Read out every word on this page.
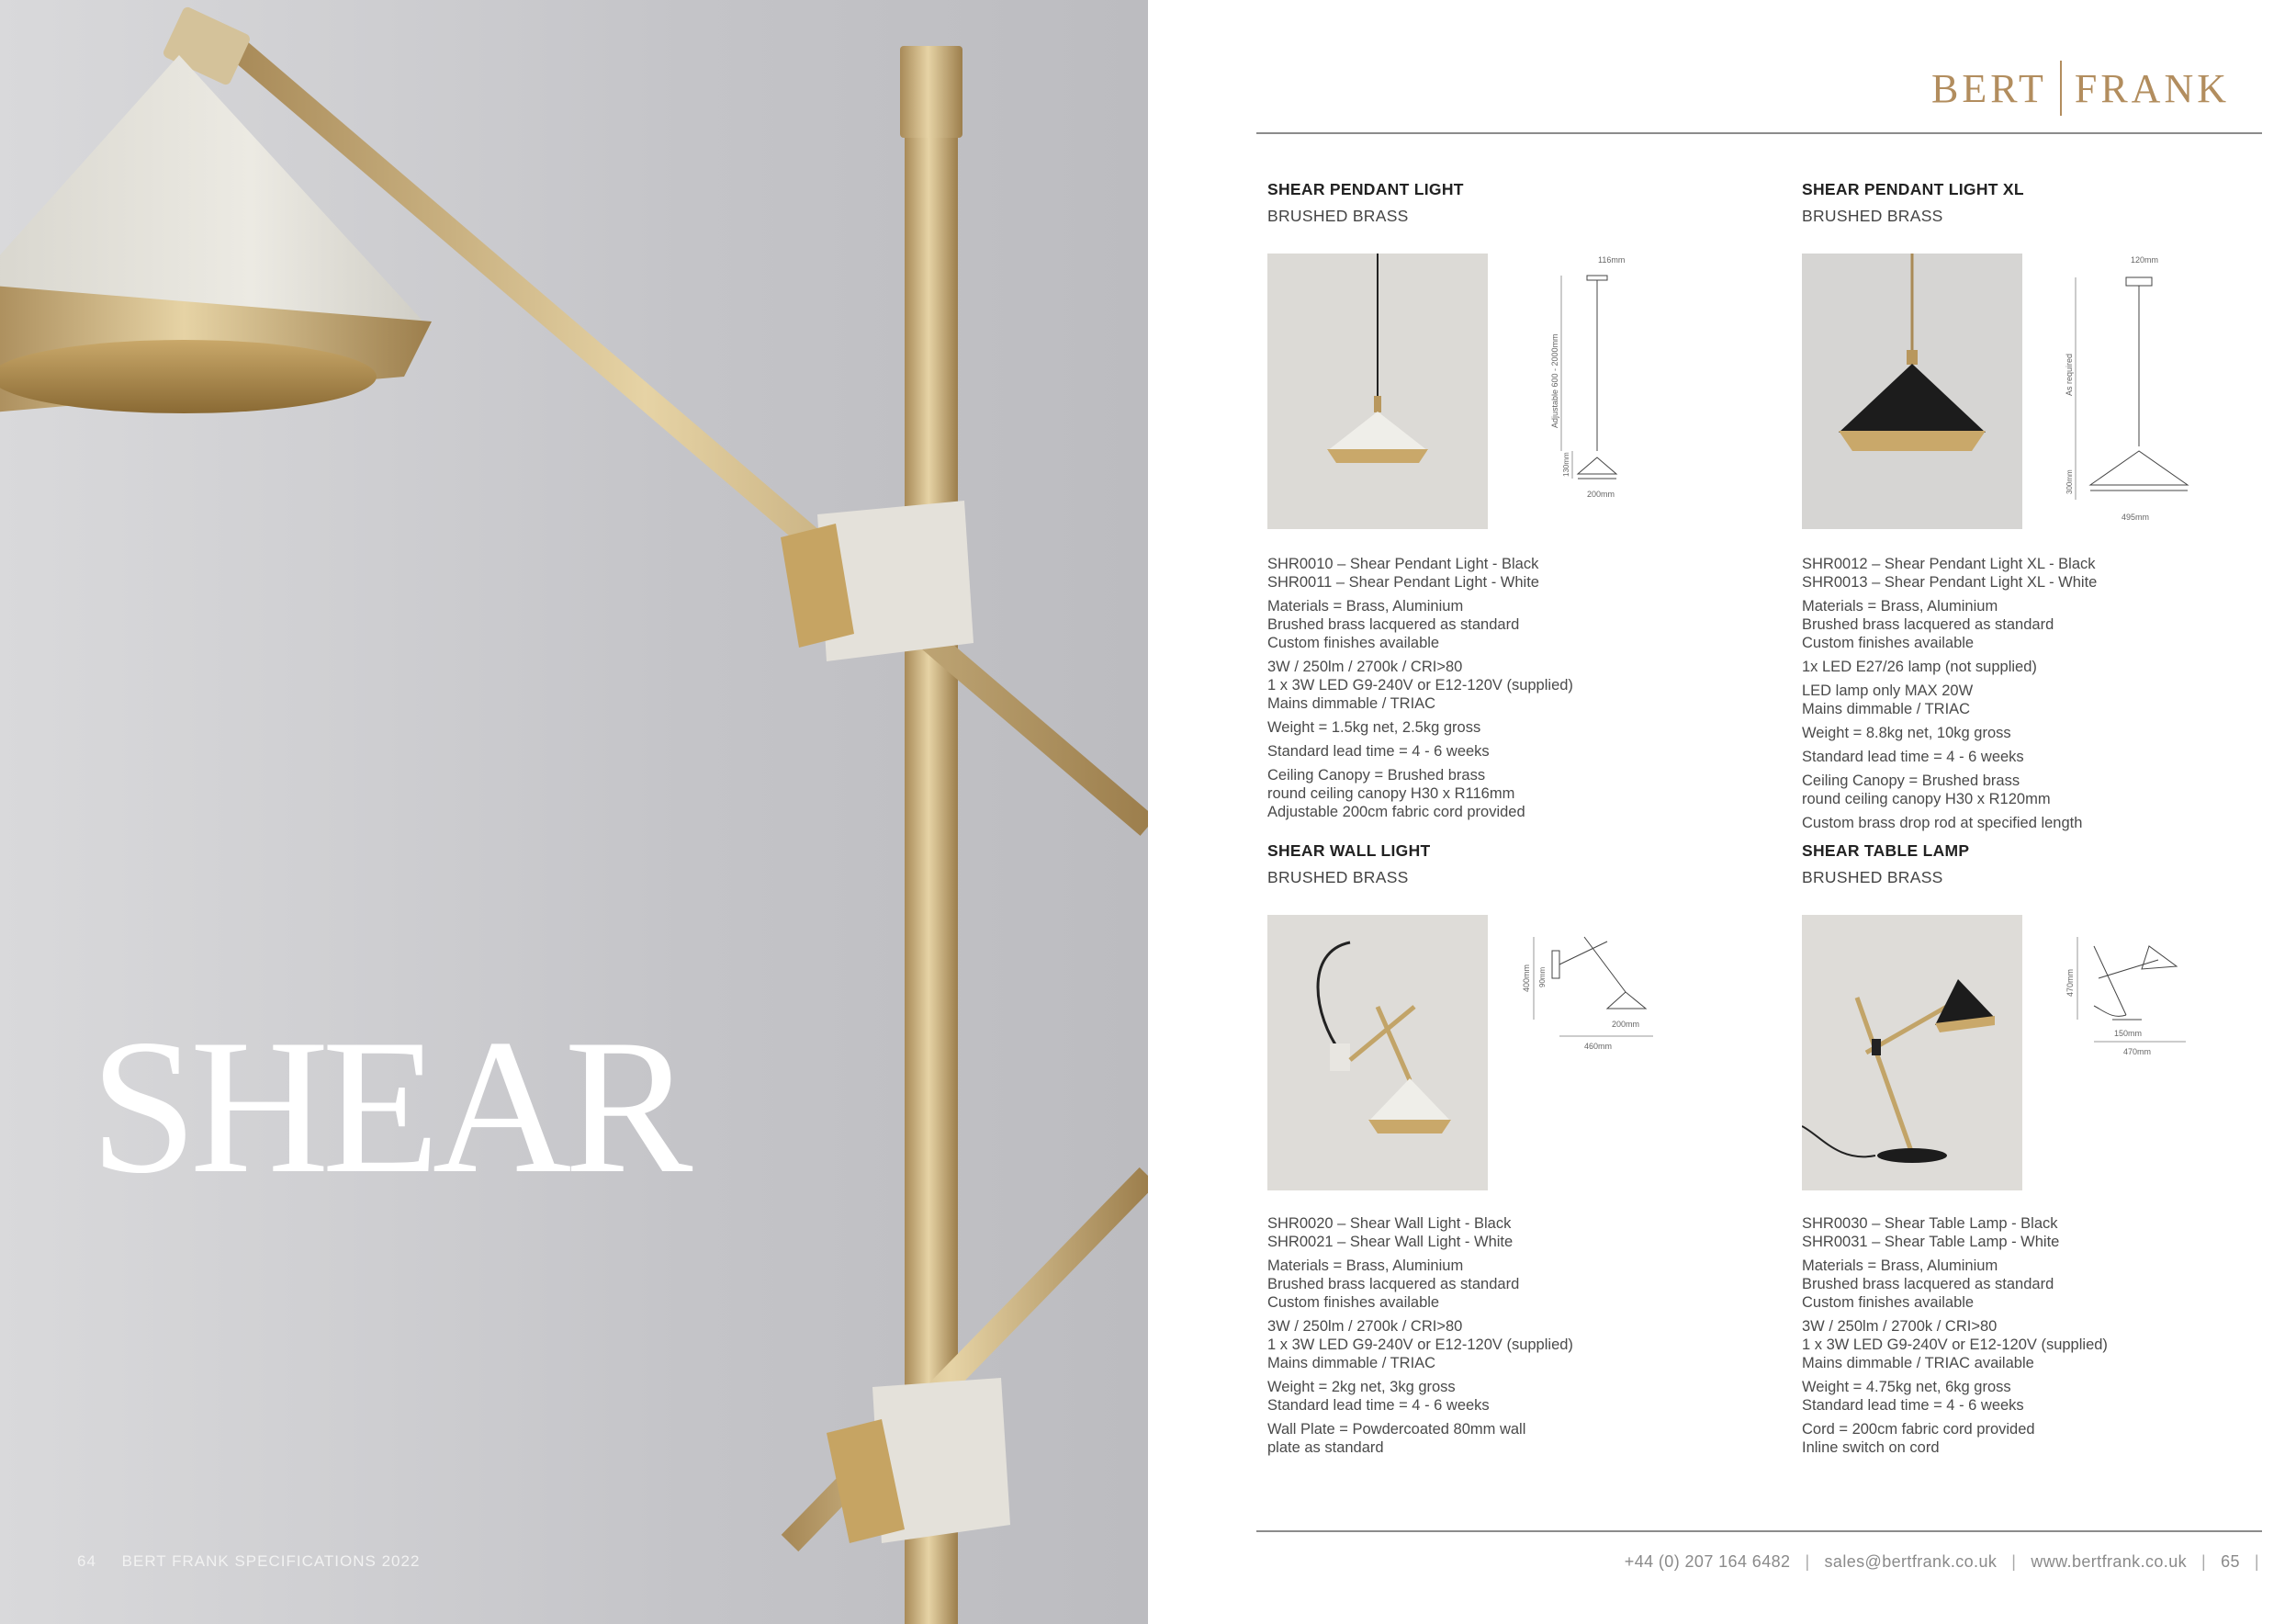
SHEAR
64 BERT FRANK SPECIFICATIONS 2022
BERT FRANK
SHEAR PENDANT LIGHT
BRUSHED BRASS
116mm
Adjustable 600 - 2000mm
130mm
200mm
SHR0010 – Shear Pendant Light - Black
SHR0011 – Shear Pendant Light - White
Materials = Brass, Aluminium
Brushed brass lacquered as standard
Custom finishes available
3W / 250lm / 2700k / CRI>80
1 x 3W LED G9-240V or E12-120V (supplied)
Mains dimmable / TRIAC
Weight = 1.5kg net, 2.5kg gross
Standard lead time = 4 - 6 weeks
Ceiling Canopy = Brushed brass
round ceiling canopy H30 x R116mm
Adjustable 200cm fabric cord provided
SHEAR PENDANT LIGHT XL
BRUSHED BRASS
120mm
As required
300mm
495mm
SHR0012 – Shear Pendant Light XL - Black
SHR0013 – Shear Pendant Light XL - White
Materials = Brass, Aluminium
Brushed brass lacquered as standard
Custom finishes available
1x LED E27/26 lamp (not supplied)
LED lamp only MAX 20W
Mains dimmable / TRIAC
Weight = 8.8kg net, 10kg gross
Standard lead time = 4 - 6 weeks
Ceiling Canopy = Brushed brass
round ceiling canopy H30 x R120mm
Custom brass drop rod at specified length
SHEAR WALL LIGHT
BRUSHED BRASS
400mm 90mm
200mm
460mm
SHR0020 – Shear Wall Light - Black
SHR0021 – Shear Wall Light - White
Materials = Brass, Aluminium
Brushed brass lacquered as standard
Custom finishes available
3W / 250lm / 2700k / CRI>80
1 x 3W LED G9-240V or E12-120V (supplied)
Mains dimmable / TRIAC
Weight = 2kg net, 3kg gross
Standard lead time = 4 - 6 weeks
Wall Plate = Powdercoated 80mm wall
plate as standard
SHEAR TABLE LAMP
BRUSHED BRASS
470mm
150mm
470mm
SHR0030 – Shear Table Lamp - Black
SHR0031 – Shear Table Lamp - White
Materials = Brass, Aluminium
Brushed brass lacquered as standard
Custom finishes available
3W / 250lm / 2700k / CRI>80
1 x 3W LED G9-240V or E12-120V (supplied)
Mains dimmable / TRIAC available
Weight = 4.75kg net, 6kg gross
Standard lead time = 4 - 6 weeks
Cord = 200cm fabric cord provided
Inline switch on cord
+44 (0) 207 164 6482 | sales@bertfrank.co.uk | www.bertfrank.co.uk | 65 |
